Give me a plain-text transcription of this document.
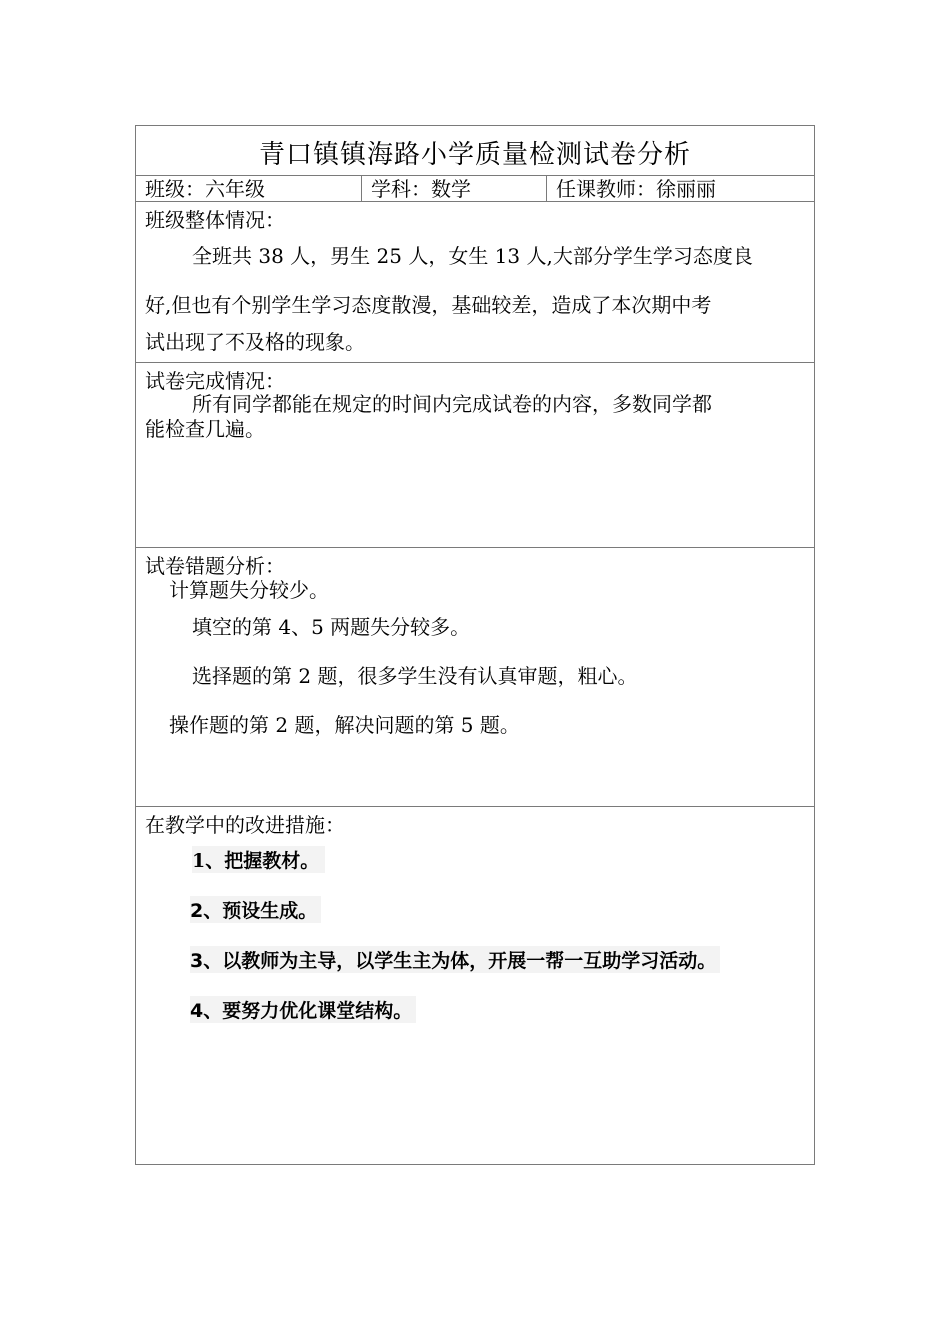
青口镇镇海路小学质量检测试卷分析
班级：六年级	学科：数学	任课教师：徐丽丽
班级整体情况：
全班共 38 人，男生 25 人，女生 13 人,大部分学生学习态度良
好,但也有个别学生学习态度散漫，基础较差，造成了本次期中考
试出现了不及格的现象。
试卷完成情况：
所有同学都能在规定的时间内完成试卷的内容，多数同学都
能检查几遍。
试卷错题分析：
计算题失分较少。
填空的第 4、5 两题失分较多。
选择题的第 2 题，很多学生没有认真审题，粗心。
操作题的第 2 题，解决问题的第 5 题。
在教学中的改进措施：
1、把握教材。
2、预设生成。
3、以教师为主导，以学生主为体，开展一帮一互助学习活动。
4、要努力优化课堂结构。
